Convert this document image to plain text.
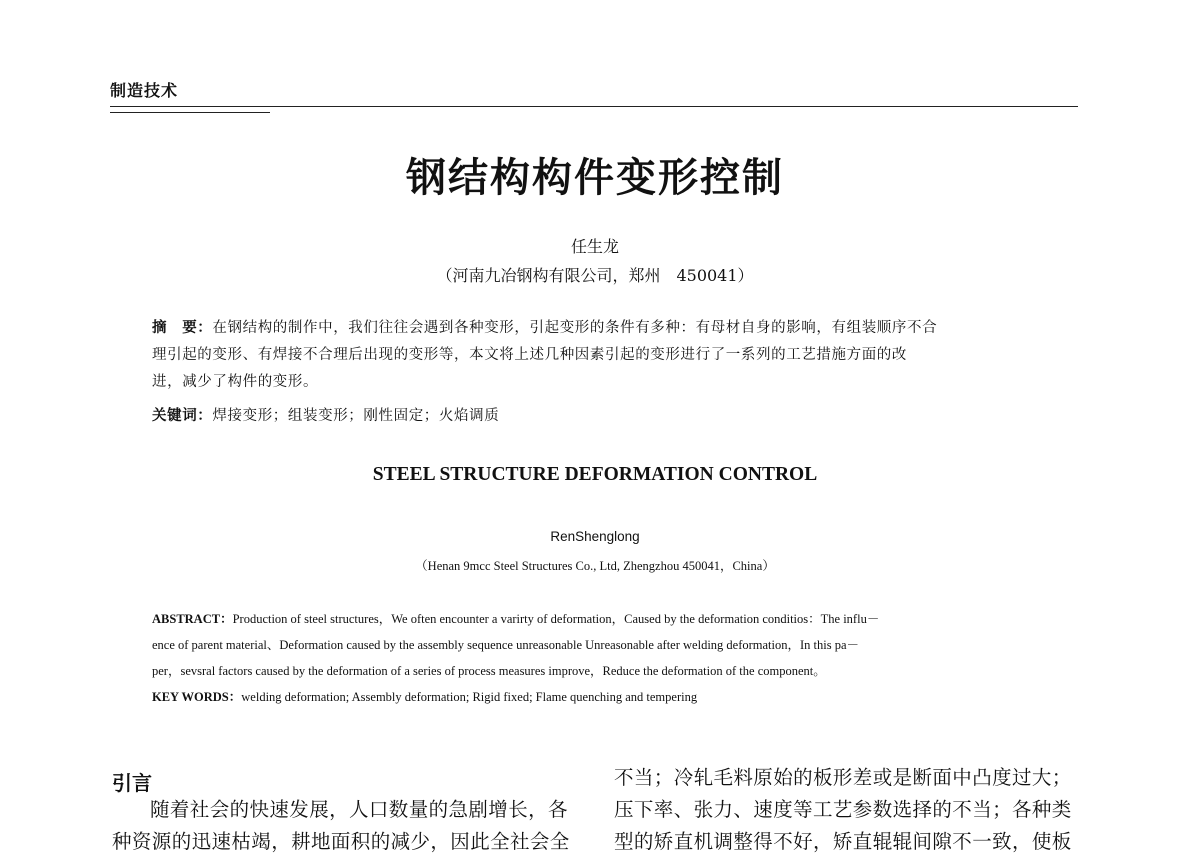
制造技术
钢结构构件变形控制
任生龙
（河南九冶钢构有限公司，郑州　450041）
摘　要：在钢结构的制作中，我们往往会遇到各种变形，引起变形的条件有多种：有母材自身的影响，有组装顺序不合
理引起的变形、有焊接不合理后出现的变形等，本文将上述几种因素引起的变形进行了一系列的工艺措施方面的改
进，减少了构件的变形。
关键词：焊接变形；组装变形；刚性固定；火焰调质
STEEL STRUCTURE DEFORMATION CONTROL
RenShenglong
（Henan 9mcc Steel Structures Co., Ltd, Zhengzhou 450041，China）
ABSTRACT：Production of steel structures，We often encounter a varirty of deformation，Caused by the deformation conditios：The influ－
ence of parent material、Deformation caused by the assembly sequence unreasonable Unreasonable after welding deformation，In this pa－
per，sevsral factors caused by the deformation of a series of process measures improve，Reduce the deformation of the component。
KEY WORDS：welding deformation; Assembly deformation; Rigid fixed; Flame quenching and tempering
引言
随着社会的快速发展，人口数量的急剧增长，各
种资源的迅速枯竭，耕地面积的减少，因此全社会全
不当；冷轧毛料原始的板形差或是断面中凸度过大；
压下率、张力、速度等工艺参数选择的不当；各种类
型的矫直机调整得不好，矫直辊辊间隙不一致，使板
